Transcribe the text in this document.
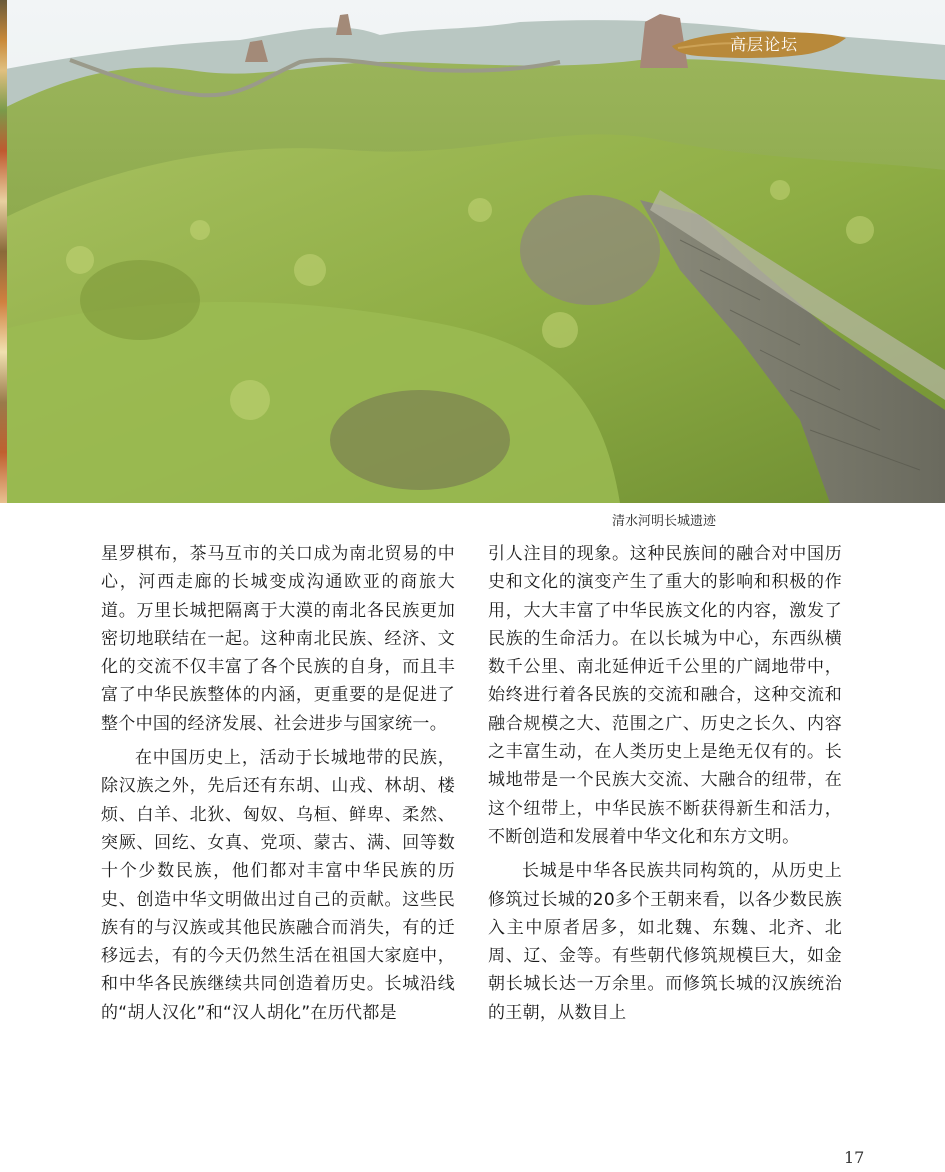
高层论坛
清水河明长城遗迹

星罗棋布，茶马互市的关口成为南北贸易的中心，河西走廊的长城变成沟通欧亚的商旅大道。万里长城把隔离于大漠的南北各民族更加密切地联结在一起。这种南北民族、经济、文化的交流不仅丰富了各个民族的自身，而且丰富了中华民族整体的内涵，更重要的是促进了整个中国的经济发展、社会进步与国家统一。

在中国历史上，活动于长城地带的民族，除汉族之外，先后还有东胡、山戎、林胡、楼烦、白羊、北狄、匈奴、乌桓、鲜卑、柔然、突厥、回纥、女真、党项、蒙古、满、回等数十个少数民族，他们都对丰富中华民族的历史、创造中华文明做出过自己的贡献。这些民族有的与汉族或其他民族融合而消失，有的迁移远去，有的今天仍然生活在祖国大家庭中，和中华各民族继续共同创造着历史。长城沿线的“胡人汉化”和“汉人胡化”在历代都是

引人注目的现象。这种民族间的融合对中国历史和文化的演变产生了重大的影响和积极的作用，大大丰富了中华民族文化的内容，激发了民族的生命活力。在以长城为中心，东西纵横数千公里、南北延伸近千公里的广阔地带中，始终进行着各民族的交流和融合，这种交流和融合规模之大、范围之广、历史之长久、内容之丰富生动，在人类历史上是绝无仅有的。长城地带是一个民族大交流、大融合的纽带，在这个纽带上，中华民族不断获得新生和活力，不断创造和发展着中华文化和东方文明。

长城是中华各民族共同构筑的，从历史上修筑过长城的20多个王朝来看，以各少数民族入主中原者居多，如北魏、东魏、北齐、北周、辽、金等。有些朝代修筑规模巨大，如金朝长城长达一万余里。而修筑长城的汉族统治的王朝，从数目上

17
